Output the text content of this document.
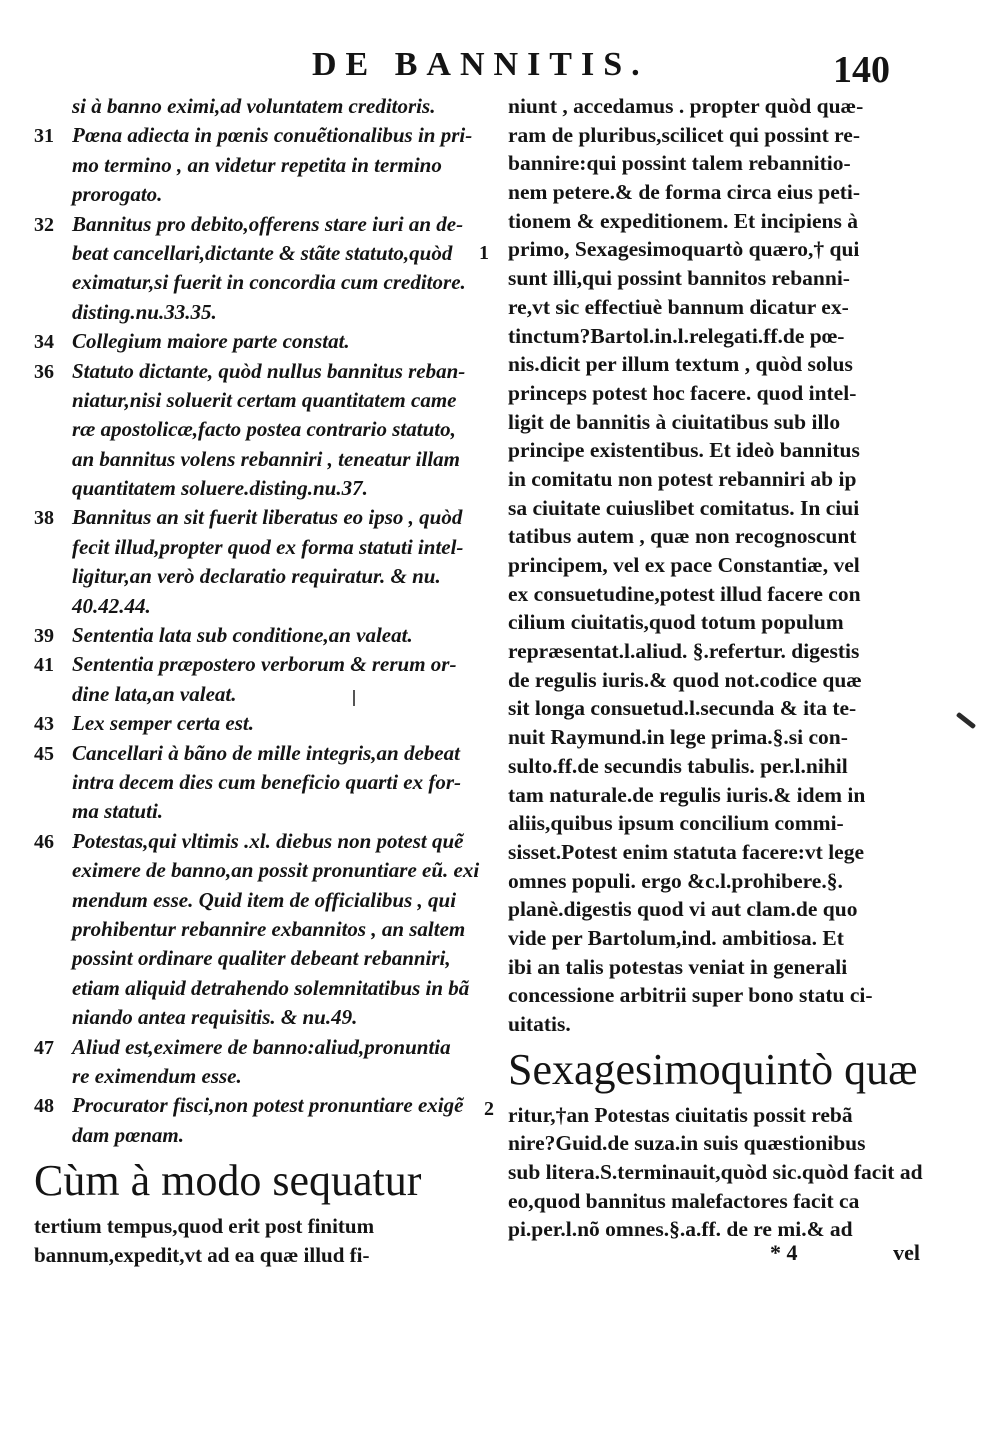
DE BANNITIS.	140
si à banno eximi,ad voluntatem creditoris.
31 Pœna adiecta in pœnis conuẽtionalibus in pri-
mo termino , an videtur repetita in termino
prorogato.
32 Bannitus pro debito,offerens stare iuri an de-
beat cancellari,dictante & stãte statuto,quòd 1
eximatur,si fuerit in concordia cum creditore.
disting.nu.33.35.
34 Collegium maiore parte constat.
36 Statuto dictante, quòd nullus bannitus reban-
niatur,nisi soluerit certam quantitatem came
ræ apostolicæ,facto postea contrario statuto,
an bannitus volens rebanniri , teneatur illam
quantitatem soluere.disting.nu.37.
38 Bannitus an sit fuerit liberatus eo ipso , quòd
fecit illud,propter quod ex forma statuti intel-
ligitur,an verò declaratio requiratur. & nu.
40.42.44.
39 Sententia lata sub conditione,an valeat.
41 Sententia præpostero verborum & rerum or-
dine lata,an valeat.
43 Lex semper certa est.
45 Cancellari à bãno de mille integris,an debeat
intra decem dies cum beneficio quarti ex for-
ma statuti.
46 Potestas,qui vltimis .xl. diebus non potest quẽ
eximere de banno,an possit pronuntiare eũ. exi
mendum esse. Quid item de officialibus , qui
prohibentur rebannire exbannitos , an saltem
possint ordinare qualiter debeant rebanniri,
etiam aliquid detrahendo solemnitatibus in bã
niando antea requisitis. & nu.49.
47 Aliud est,eximere de banno:aliud,pronuntia
re eximendum esse.
48 Procurator fisci,non potest pronuntiare exigẽ
dam pœnam.
Cùm à modo sequatur
tertium tempus,quod erit post finitum
bannum,expedit,vt ad ea quæ illud fi-
niunt , accedamus . propter quòd quæ-
ram de pluribus,scilicet qui possint re-
bannire:qui possint talem rebannitio-
nem petere.& de forma circa eius peti-
tionem & expeditionem. Et incipiens à
primo, Sexagesimoquartò quæro,† qui
sunt illi,qui possint bannitos rebanni-
re,vt sic effectiuè bannum dicatur ex-
tinctum?Bartol.in.l.relegati.ff.de pœ-
nis.dicit per illum textum , quòd solus
princeps potest hoc facere. quod intel-
ligit de bannitis à ciuitatibus sub illo
principe existentibus. Et ideò bannitus
in comitatu non potest rebanniri ab ip
sa ciuitate cuiuslibet comitatus. In ciui
tatibus autem , quæ non recognoscunt
principem, vel ex pace Constantiæ, vel
ex consuetudine,potest illud facere con
cilium ciuitatis,quod totum populum
repræsentat.l.aliud. §.refertur. digestis
de regulis iuris.& quod not.codice quæ
sit longa consuetud.l.secunda & ita te-
nuit Raymund.in lege prima.§.si con-
sulto.ff.de secundis tabulis. per.l.nihil
tam naturale.de regulis iuris.& idem in
aliis,quibus ipsum concilium commi-
sisset.Potest enim statuta facere:vt lege
omnes populi. ergo &c.l.prohibere.§.
planè.digestis quod vi aut clam.de quo
vide per Bartolum,ind. ambitiosa. Et
ibi an talis potestas veniat in generali
concessione arbitrii super bono statu ci-
uitatis.
Sexagesimoquintò quæ
ritur,†an Potestas ciuitatis possit rebã
nire?Guid.de suza.in suis quæstionibus
sub litera.S.terminauit,quòd sic.quòd facit ad
eo,quod bannitus malefactores facit ca
pi.per.l.nõ omnes.§.a.ff. de re mi.& ad
2
* 4	vel
